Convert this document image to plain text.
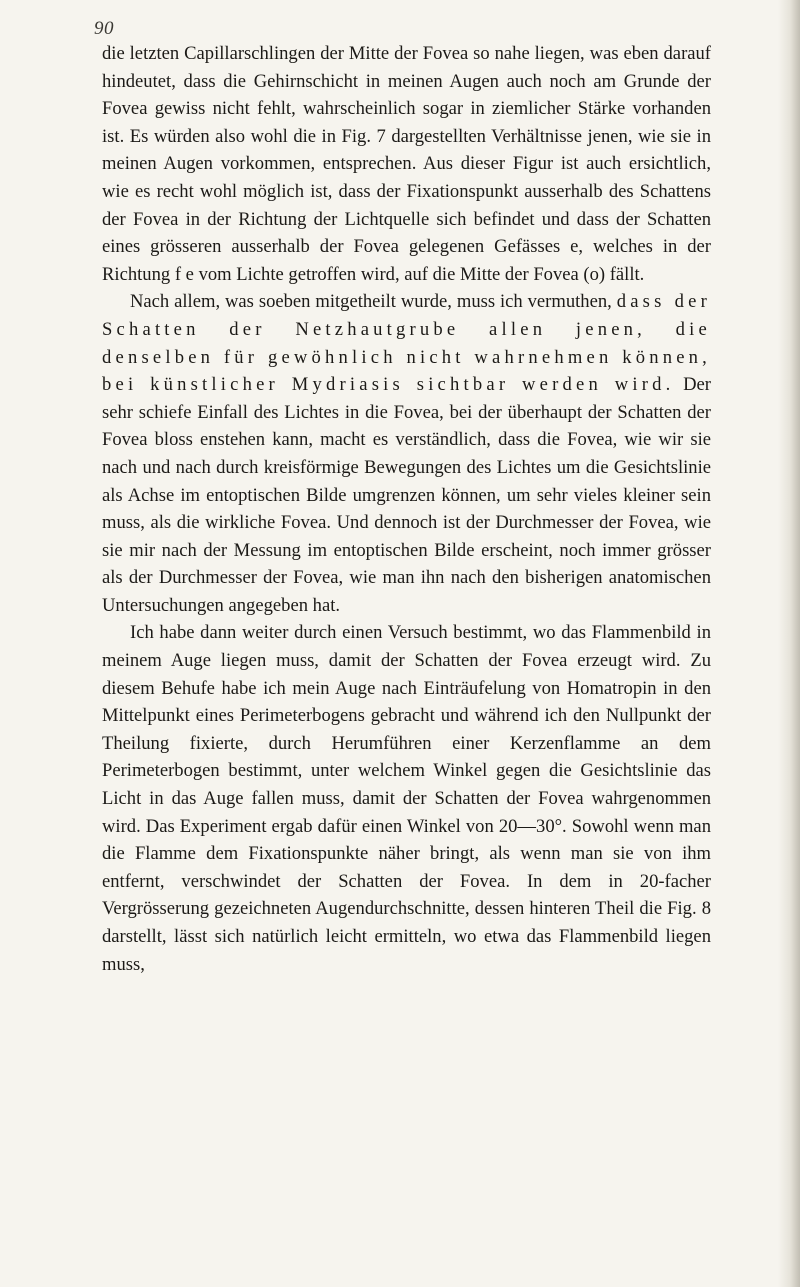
90

die letzten Capillarschlingen der Mitte der Fovea so nahe liegen, was eben darauf hindeutet, dass die Gehirnschicht in meinen Augen auch noch am Grunde der Fovea gewiss nicht fehlt, wahrscheinlich sogar in ziemlicher Stärke vorhanden ist. Es würden also wohl die in Fig. 7 dargestellten Verhältnisse jenen, wie sie in meinen Augen vorkommen, entsprechen. Aus dieser Figur ist auch ersichtlich, wie es recht wohl möglich ist, dass der Fixationspunkt ausserhalb des Schattens der Fovea in der Richtung der Lichtquelle sich befindet und dass der Schatten eines grösseren ausserhalb der Fovea gelegenen Gefässes e, welches in der Richtung f e vom Lichte getroffen wird, auf die Mitte der Fovea (o) fällt.

Nach allem, was soeben mitgetheilt wurde, muss ich vermuthen, dass der Schatten der Netzhautgrube allen jenen, die denselben für gewöhnlich nicht wahrnehmen können, bei künstlicher Mydriasis sichtbar werden wird. Der sehr schiefe Einfall des Lichtes in die Fovea, bei der überhaupt der Schatten der Fovea bloss enstehen kann, macht es verständlich, dass die Fovea, wie wir sie nach und nach durch kreisförmige Bewegungen des Lichtes um die Gesichtslinie als Achse im entoptischen Bilde umgrenzen können, um sehr vieles kleiner sein muss, als die wirkliche Fovea. Und dennoch ist der Durchmesser der Fovea, wie sie mir nach der Messung im entoptischen Bilde erscheint, noch immer grösser als der Durchmesser der Fovea, wie man ihn nach den bisherigen anatomischen Untersuchungen angegeben hat.

Ich habe dann weiter durch einen Versuch bestimmt, wo das Flammenbild in meinem Auge liegen muss, damit der Schatten der Fovea erzeugt wird. Zu diesem Behufe habe ich mein Auge nach Einträufelung von Homatropin in den Mittelpunkt eines Perimeterbogens gebracht und während ich den Nullpunkt der Theilung fixierte, durch Herumführen einer Kerzenflamme an dem Perimeterbogen bestimmt, unter welchem Winkel gegen die Gesichtslinie das Licht in das Auge fallen muss, damit der Schatten der Fovea wahrgenommen wird. Das Experiment ergab dafür einen Winkel von 20—30°. Sowohl wenn man die Flamme dem Fixationspunkte näher bringt, als wenn man sie von ihm entfernt, verschwindet der Schatten der Fovea. In dem in 20-facher Vergrösserung gezeichneten Augendurchschnitte, dessen hinteren Theil die Fig. 8 darstellt, lässt sich natürlich leicht ermitteln, wo etwa das Flammenbild liegen muss,
